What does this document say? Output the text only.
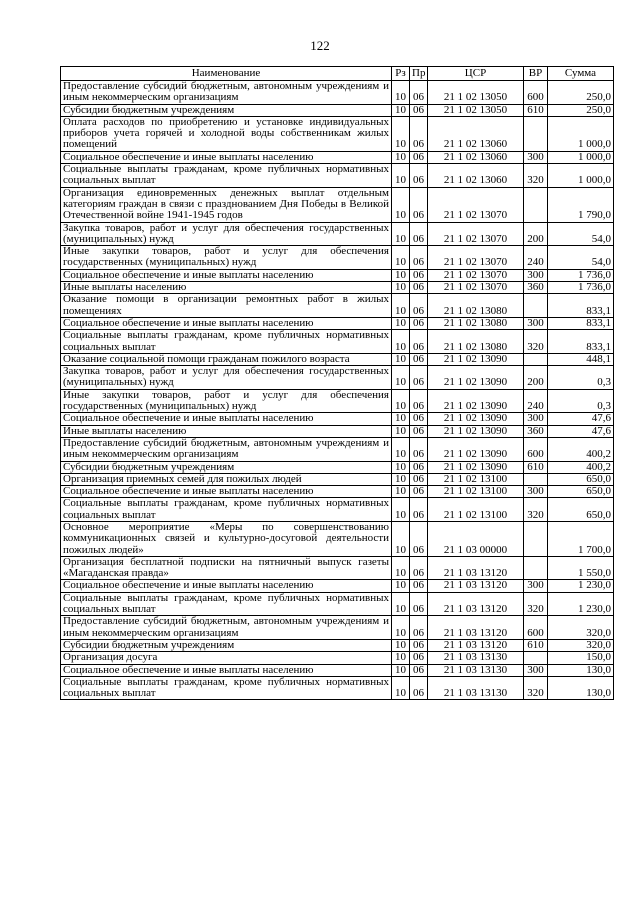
122
Наименование	Рз	Пр	ЦСР	ВР	Сумма
Предоставление субсидий бюджетным, автономным учреждениям и иным некоммерческим организациям	10	06	21 1 02 13050	600	250,0
Субсидии бюджетным учреждениям	10	06	21 1 02 13050	610	250,0
Оплата расходов по приобретению и установке индивидуальных приборов учета горячей и холодной воды собственникам жилых помещений	10	06	21 1 02 13060		1 000,0
Социальное обеспечение и иные выплаты населению	10	06	21 1 02 13060	300	1 000,0
Социальные выплаты гражданам, кроме публичных нормативных социальных выплат	10	06	21 1 02 13060	320	1 000,0
Организация единовременных денежных выплат отдельным категориям граждан в связи с празднованием Дня Победы в Великой Отечественной войне 1941-1945 годов	10	06	21 1 02 13070		1 790,0
Закупка товаров, работ и услуг для обеспечения государственных (муниципальных) нужд	10	06	21 1 02 13070	200	54,0
Иные закупки товаров, работ и услуг для обеспечения государственных (муниципальных) нужд	10	06	21 1 02 13070	240	54,0
Социальное обеспечение и иные выплаты населению	10	06	21 1 02 13070	300	1 736,0
Иные выплаты населению	10	06	21 1 02 13070	360	1 736,0
Оказание помощи в организации ремонтных работ в жилых помещениях	10	06	21 1 02 13080		833,1
Социальное обеспечение и иные выплаты населению	10	06	21 1 02 13080	300	833,1
Социальные выплаты гражданам, кроме публичных нормативных социальных выплат	10	06	21 1 02 13080	320	833,1
Оказание социальной помощи гражданам пожилого возраста	10	06	21 1 02 13090		448,1
Закупка товаров, работ и услуг для обеспечения государственных (муниципальных) нужд	10	06	21 1 02 13090	200	0,3
Иные закупки товаров, работ и услуг для обеспечения государственных (муниципальных) нужд	10	06	21 1 02 13090	240	0,3
Социальное обеспечение и иные выплаты населению	10	06	21 1 02 13090	300	47,6
Иные выплаты населению	10	06	21 1 02 13090	360	47,6
Предоставление субсидий бюджетным, автономным учреждениям и иным некоммерческим организациям	10	06	21 1 02 13090	600	400,2
Субсидии бюджетным учреждениям	10	06	21 1 02 13090	610	400,2
Организация приемных семей для пожилых людей	10	06	21 1 02 13100		650,0
Социальное обеспечение и иные выплаты населению	10	06	21 1 02 13100	300	650,0
Социальные выплаты гражданам, кроме публичных нормативных социальных выплат	10	06	21 1 02 13100	320	650,0
Основное мероприятие «Меры по совершенствованию коммуникационных связей и культурно-досуговой деятельности пожилых людей»	10	06	21 1 03 00000		1 700,0
Организация бесплатной подписки на пятничный выпуск газеты «Магаданская правда»	10	06	21 1 03 13120		1 550,0
Социальное обеспечение и иные выплаты населению	10	06	21 1 03 13120	300	1 230,0
Социальные выплаты гражданам, кроме публичных нормативных социальных выплат	10	06	21 1 03 13120	320	1 230,0
Предоставление субсидий бюджетным, автономным учреждениям и иным некоммерческим организациям	10	06	21 1 03 13120	600	320,0
Субсидии бюджетным учреждениям	10	06	21 1 03 13120	610	320,0
Организация досуга	10	06	21 1 03 13130		150,0
Социальное обеспечение и иные выплаты населению	10	06	21 1 03 13130	300	130,0
Социальные выплаты гражданам, кроме публичных нормативных социальных выплат	10	06	21 1 03 13130	320	130,0
